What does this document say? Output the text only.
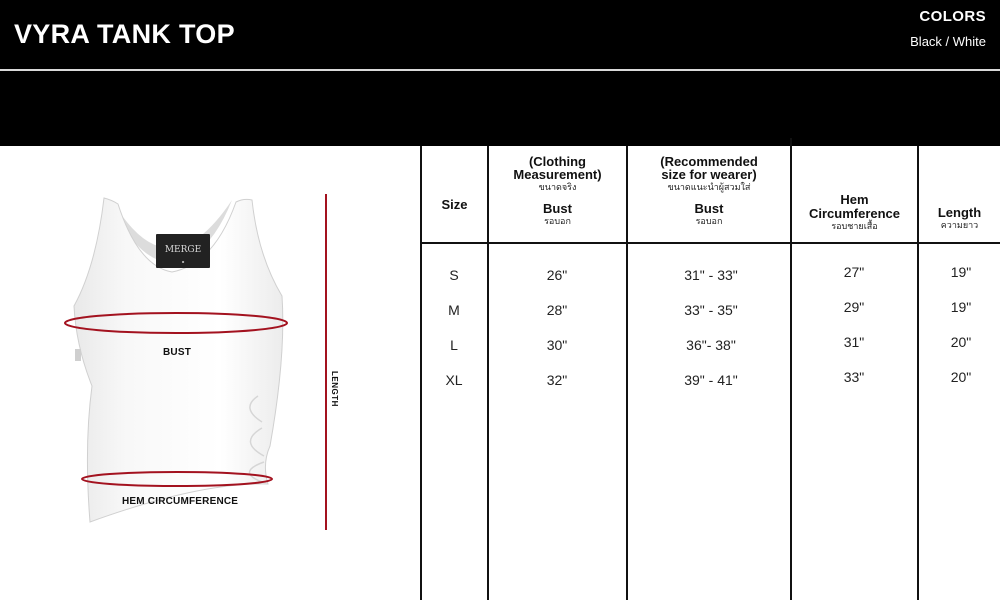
VYRA TANK TOP
COLORS
Black / White
MERGE
▪
BUST
HEM CIRCUMFERENCE
LENGTH
Size
(Clothing Measurement)
ขนาดจริง
Bust
รอบอก
(Recommended size for wearer)
ขนาดแนะนำผู้สวมใส่
Bust
รอบอก
Hem Circumference
รอบชายเสื้อ
Length
ความยาว
S	26"	31" - 33"	27"	19"
M	28"	33" - 35"	29"	19"
L	30"	36"- 38"	31"	20"
XL	32"	39" - 41"	33"	20"
